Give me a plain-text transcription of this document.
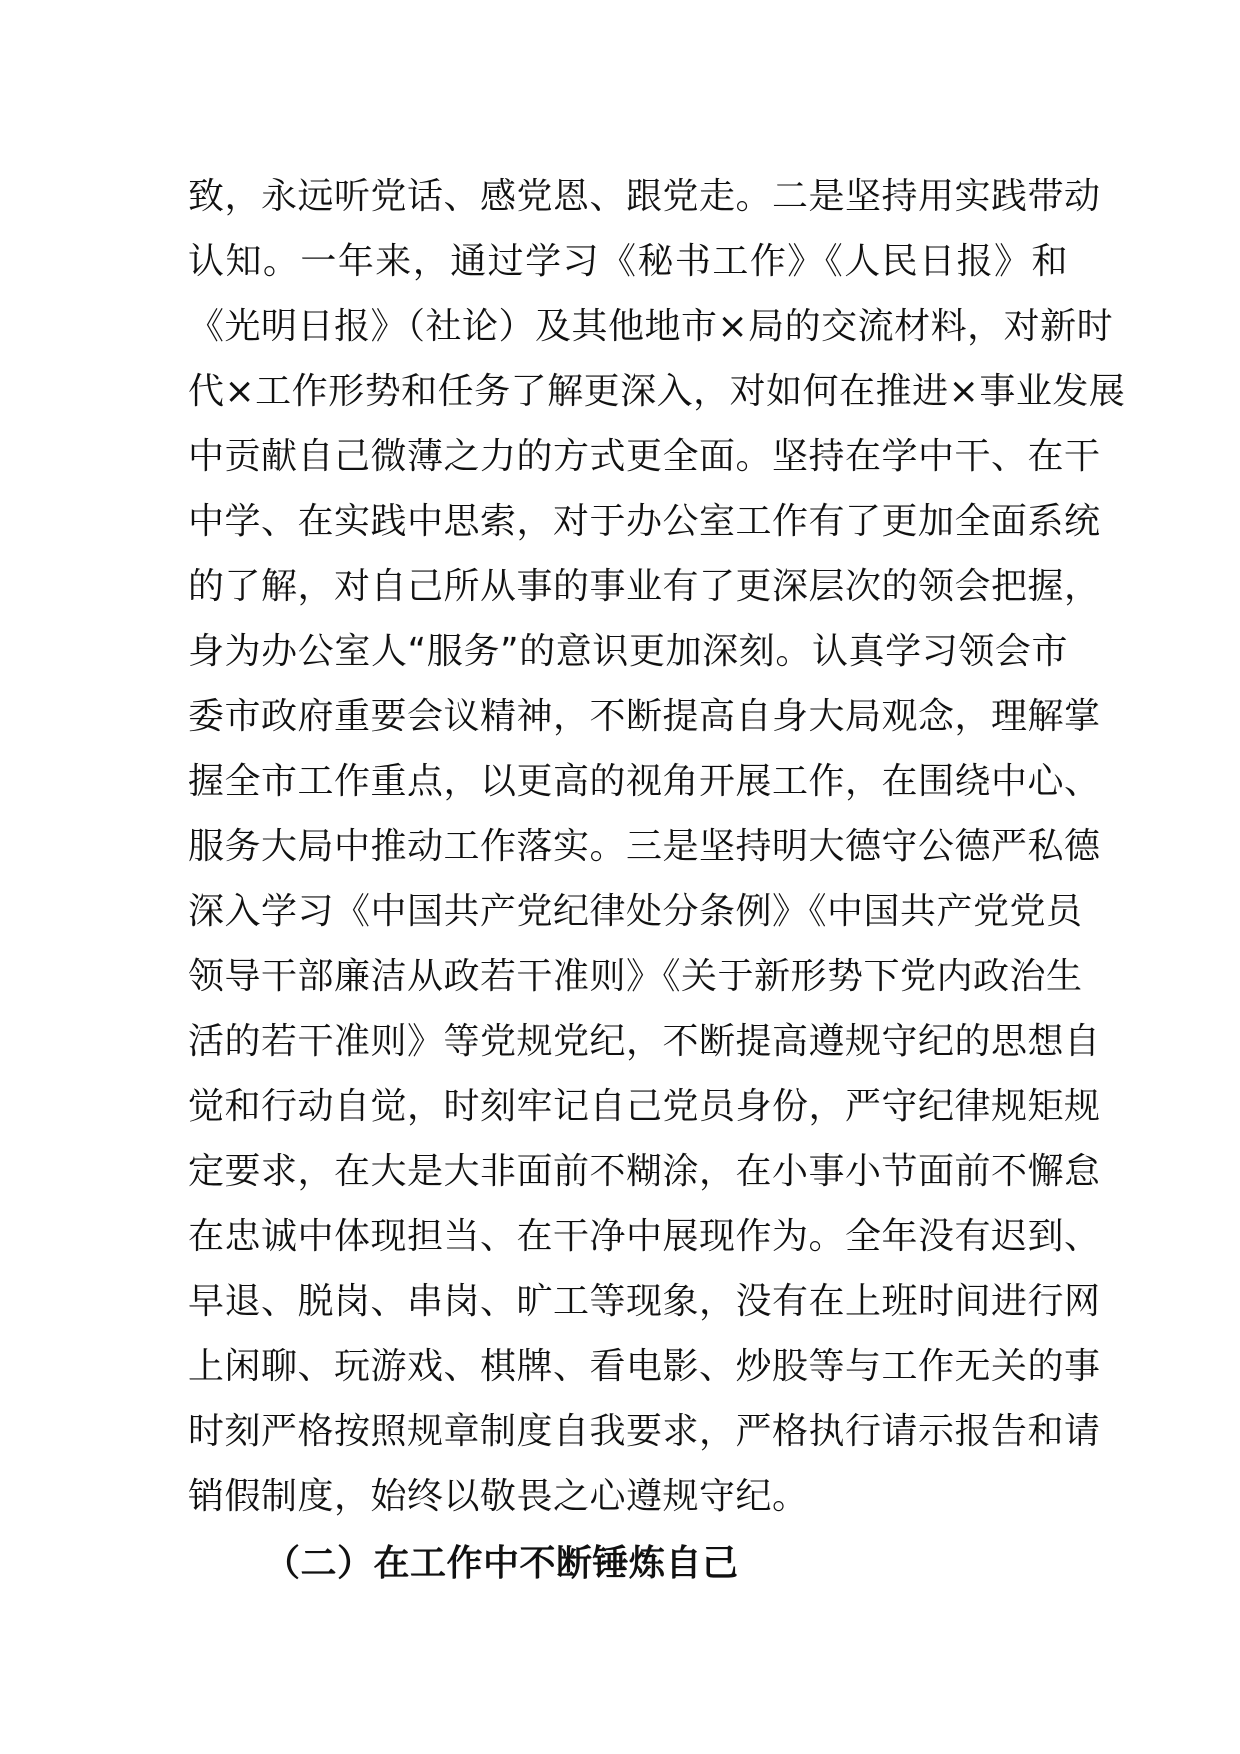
致，永远听党话、感党恩、跟党走。二是坚持用实践带动
认知。一年来，通过学习《秘书工作》《人民日报》和
《光明日报》（社论）及其他地市×局的交流材料，对新时
代×工作形势和任务了解更深入，对如何在推进×事业发展
中贡献自己微薄之力的方式更全面。坚持在学中干、在干
中学、在实践中思索，对于办公室工作有了更加全面系统
的了解，对自己所从事的事业有了更深层次的领会把握，
身为办公室人“服务”的意识更加深刻。认真学习领会市
委市政府重要会议精神，不断提高自身大局观念，理解掌
握全市工作重点，以更高的视角开展工作，在围绕中心、
服务大局中推动工作落实。三是坚持明大德守公德严私德
深入学习《中国共产党纪律处分条例》《中国共产党党员
领导干部廉洁从政若干准则》《关于新形势下党内政治生
活的若干准则》等党规党纪，不断提高遵规守纪的思想自
觉和行动自觉，时刻牢记自己党员身份，严守纪律规矩规
定要求，在大是大非面前不糊涂，在小事小节面前不懈怠
在忠诚中体现担当、在干净中展现作为。全年没有迟到、
早退、脱岗、串岗、旷工等现象，没有在上班时间进行网
上闲聊、玩游戏、棋牌、看电影、炒股等与工作无关的事
时刻严格按照规章制度自我要求，严格执行请示报告和请
销假制度，始终以敬畏之心遵规守纪。
（二）在工作中不断锤炼自己
